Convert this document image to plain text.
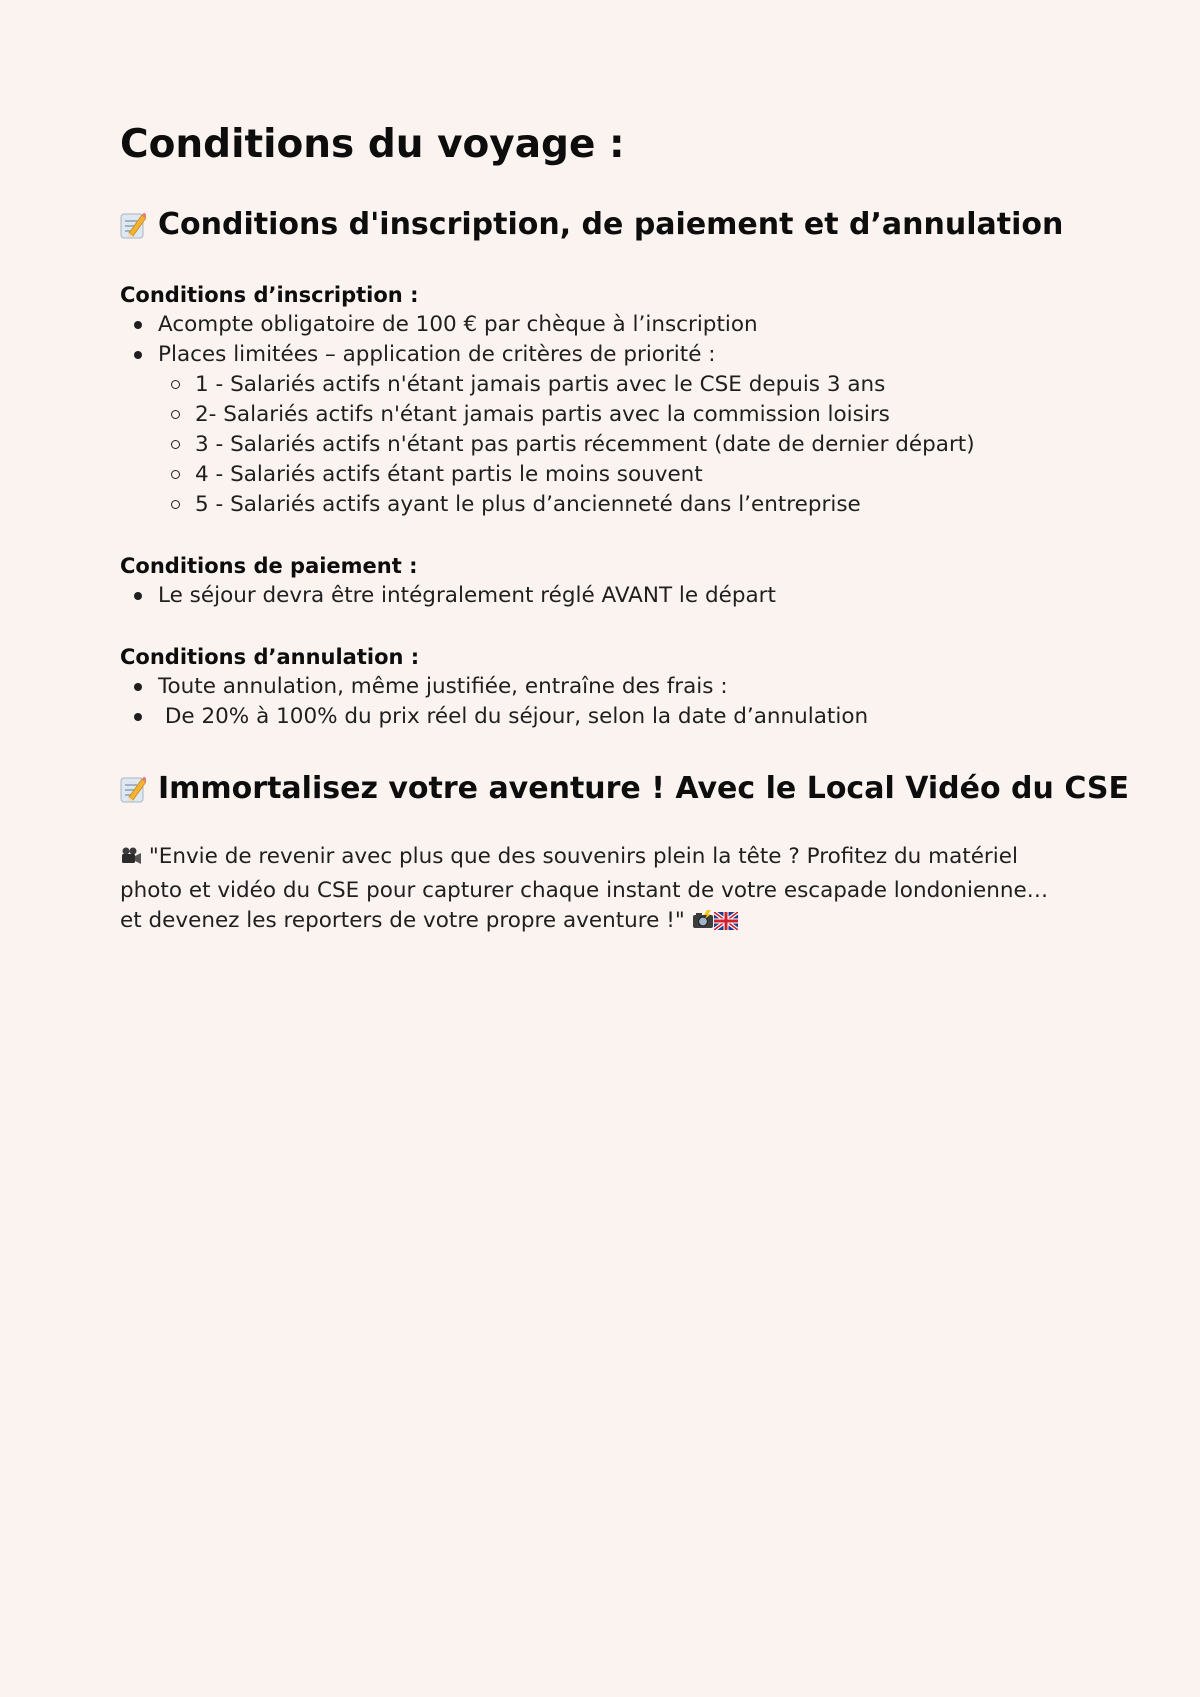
Conditions du voyage :
Conditions d'inscription, de paiement et d’annulation

Conditions d’inscription :

Acompte obligatoire de 100 € par chèque à l’inscription

Places limitées – application de critères de priorité :

1 - Salariés actifs n'étant jamais partis avec le CSE depuis 3 ans

2- Salariés actifs n'étant jamais partis avec la commission loisirs

3 - Salariés actifs n'étant pas partis récemment (date de dernier départ)

4 - Salariés actifs étant partis le moins souvent

5 - Salariés actifs ayant le plus d’ancienneté dans l’entreprise

Conditions de paiement :

Le séjour devra être intégralement réglé AVANT le départ

Conditions d’annulation :

Toute annulation, même justifiée, entraîne des frais :

De 20% à 100% du prix réel du séjour, selon la date d’annulation

Immortalisez votre aventure ! Avec le Local Vidéo du CSE
"Envie de revenir avec plus que des souvenirs plein la tête ? Profitez du matériel
photo et vidéo du CSE pour capturer chaque instant de votre escapade londonienne…
et devenez les reporters de votre propre aventure !"
